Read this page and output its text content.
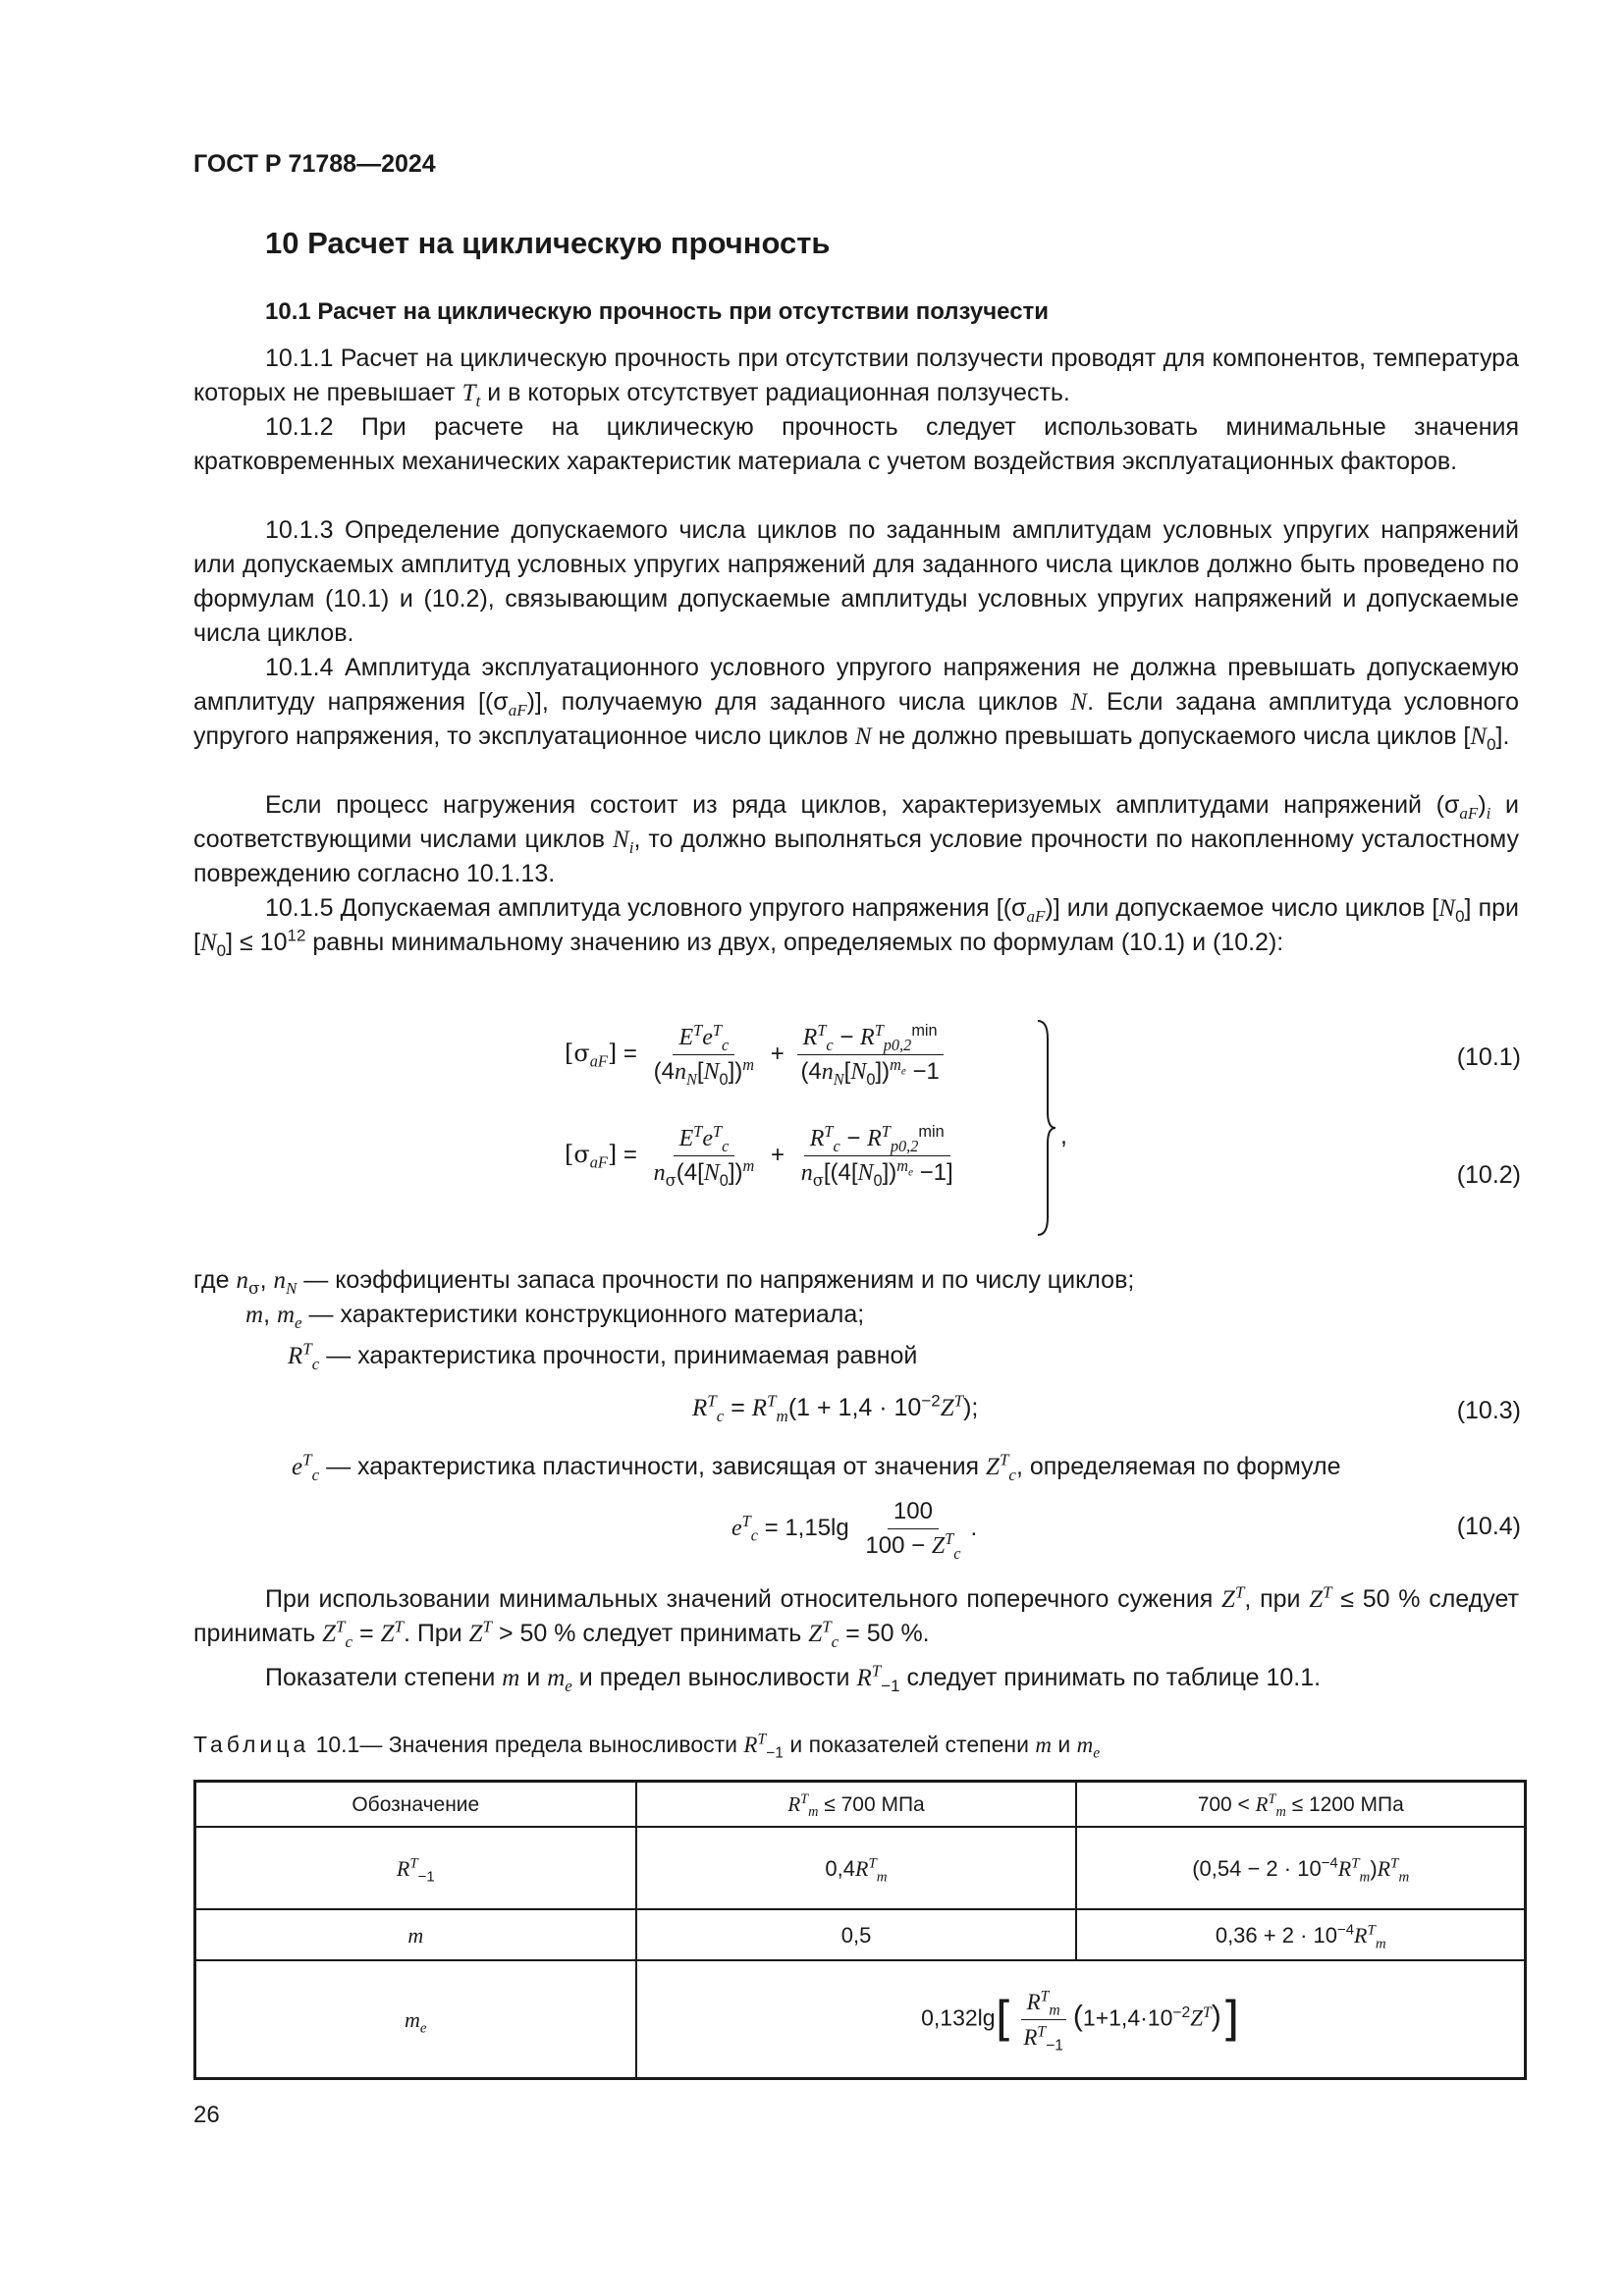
ГОСТ Р 71788—2024
10 Расчет на циклическую прочность
10.1 Расчет на циклическую прочность при отсутствии ползучести

10.1.1 Расчет на циклическую прочность при отсутствии ползучести проводят для компонентов, температура которых не превышает $T_t$ и в которых отсутствует радиационная ползучесть.

10.1.2 При расчете на циклическую прочность следует использовать минимальные значения кратковременных механических характеристик материала с учетом воздействия эксплуатационных факторов.

10.1.3 Определение допускаемого числа циклов по заданным амплитудам условных упругих напряжений или допускаемых амплитуд условных упругих напряжений для заданного числа циклов должно быть проведено по формулам (10.1) и (10.2), связывающим допускаемые амплитуды условных упругих напряжений и допускаемые числа циклов.

10.1.4 Амплитуда эксплуатационного условного упругого напряжения не должна превышать допускаемую амплитуду напряжения $[(\sigma_{aF})]$, получаемую для заданного числа циклов N. Если задана амплитуда условного упругого напряжения, то эксплуатационное число циклов N не должно превышать допускаемого числа циклов $[N_0]$.

Если процесс нагружения состоит из ряда циклов, характеризуемых амплитудами напряжений $(\sigma_{aF})_i$ и соответствующими числами циклов $N_i$, то должно выполняться условие прочности по накопленному усталостному повреждению согласно 10.1.13.

10.1.5 Допускаемая амплитуда условного упругого напряжения $[(\sigma_{aF})]$ или допускаемое число циклов $[N_0]$ при $[N_0] \le 10^{12}$ равны минимальному значению из двух, определяемых по формулам (10.1) и (10.2):

$[\sigma_{aF}] = \frac{E^Te^T_c}{(4n_N[N_0])^m} + \frac{R^T_c - R^T_{p0,2}^{min}}{(4n_N[N_0])^{m_e} -1}$	(10.1)
$[\sigma_{aF}] = \frac{E^Te^T_c}{n_\sigma(4[N_0])^m} + \frac{R^T_c - R^T_{p0,2}^{min}}{n_\sigma[(4[N_0])^{m_e} -1]}$	(10.2)
,
где $n_\sigma$, $n_N$ — коэффициенты запаса прочности по напряжениям и по числу циклов;
m, $m_e$ — характеристики конструкционного материала;
$R^T_c$ — характеристика прочности, принимаемая равной
$R^T_c = R^T_m(1 + 1,4 \cdot 10^{-2}Z^T)$;	(10.3)
$e^T_c$ — характеристика пластичности, зависящая от значения $Z^T_c$, определяемая по формуле
$e^T_c = 1,15\lg \frac{100}{100 - Z^T_c}$ .	(10.4)

При использовании минимальных значений относительного поперечного сужения $Z^T$, при $Z^T \le 50$ % следует принимать $Z^T_c = Z^T$. При $Z^T > 50$ % следует принимать $Z^T_c = 50$ %.

Показатели степени m и $m_e$ и предел выносливости $R^T_{-1}$ следует принимать по таблице 10.1.

Таблица 10.1— Значения предела выносливости $R^T_{-1}$ и показателей степени m и $m_e$
Обозначение	$R^T_m \le 700$ МПа	$700 < R^T_m \le 1200$ МПа
$R^T_{-1}$	$0,4R^T_m$	$(0,54 - 2 \cdot 10^{-4}R^T_m)R^T_m$
m	0,5	$0,36 + 2 \cdot 10^{-4}R^T_m$
$m_e$	$0,132\lg[ \frac{R^T_m}{R^T_{-1}} (1+1,4\cdot 10^{-2}Z^T)]$	
26
